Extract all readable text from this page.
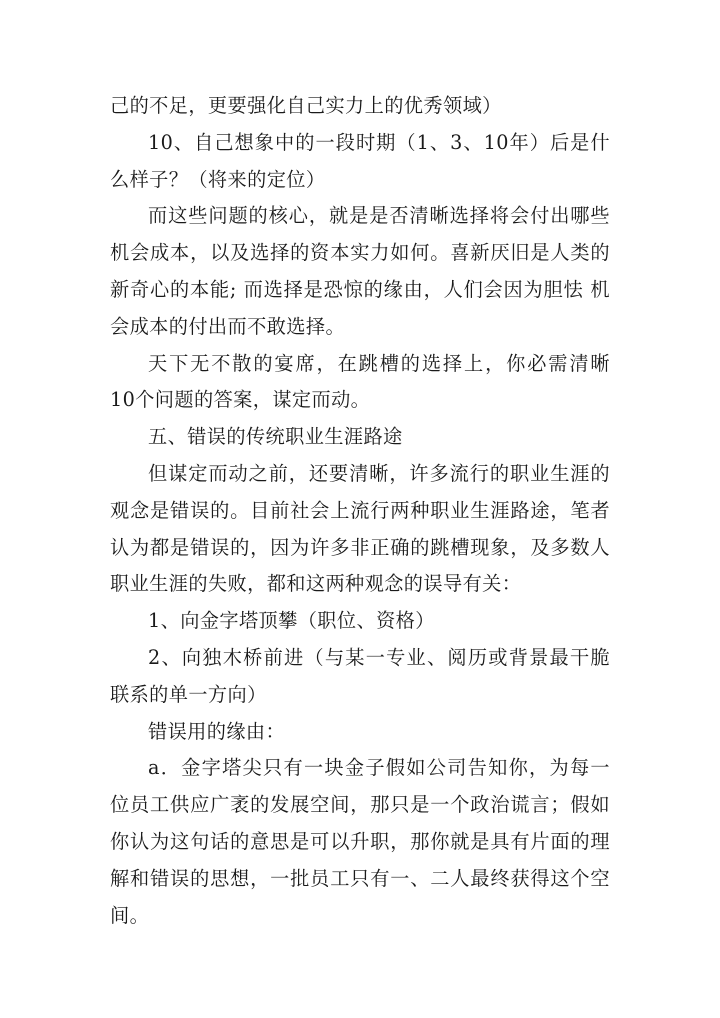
己的不足，更要强化自己实力上的优秀领域）

10、自己想象中的一段时期（1、3、10年）后是什么样子？（将来的定位）

而这些问题的核心，就是是否清晰选择将会付出哪些机会成本，以及选择的资本实力如何。喜新厌旧是人类的新奇心的本能; 而选择是恐惊的缘由，人们会因为胆怯 机会成本的付出而不敢选择。

天下无不散的宴席，在跳槽的选择上，你必需清晰 10个问题的答案，谋定而动。

五、错误的传统职业生涯路途

但谋定而动之前，还要清晰，许多流行的职业生涯的观念是错误的。目前社会上流行两种职业生涯路途，笔者认为都是错误的，因为许多非正确的跳槽现象，及多数人职业生涯的失败，都和这两种观念的误导有关：

1、向金字塔顶攀（职位、资格）

2、向独木桥前进（与某一专业、阅历或背景最干脆联系的单一方向）

错误用的缘由：

a．金字塔尖只有一块金子假如公司告知你，为每一位员工供应广袤的发展空间，那只是一个政治谎言；假如你认为这句话的意思是可以升职，那你就是具有片面的理解和错误的思想，一批员工只有一、二人最终获得这个空间。
